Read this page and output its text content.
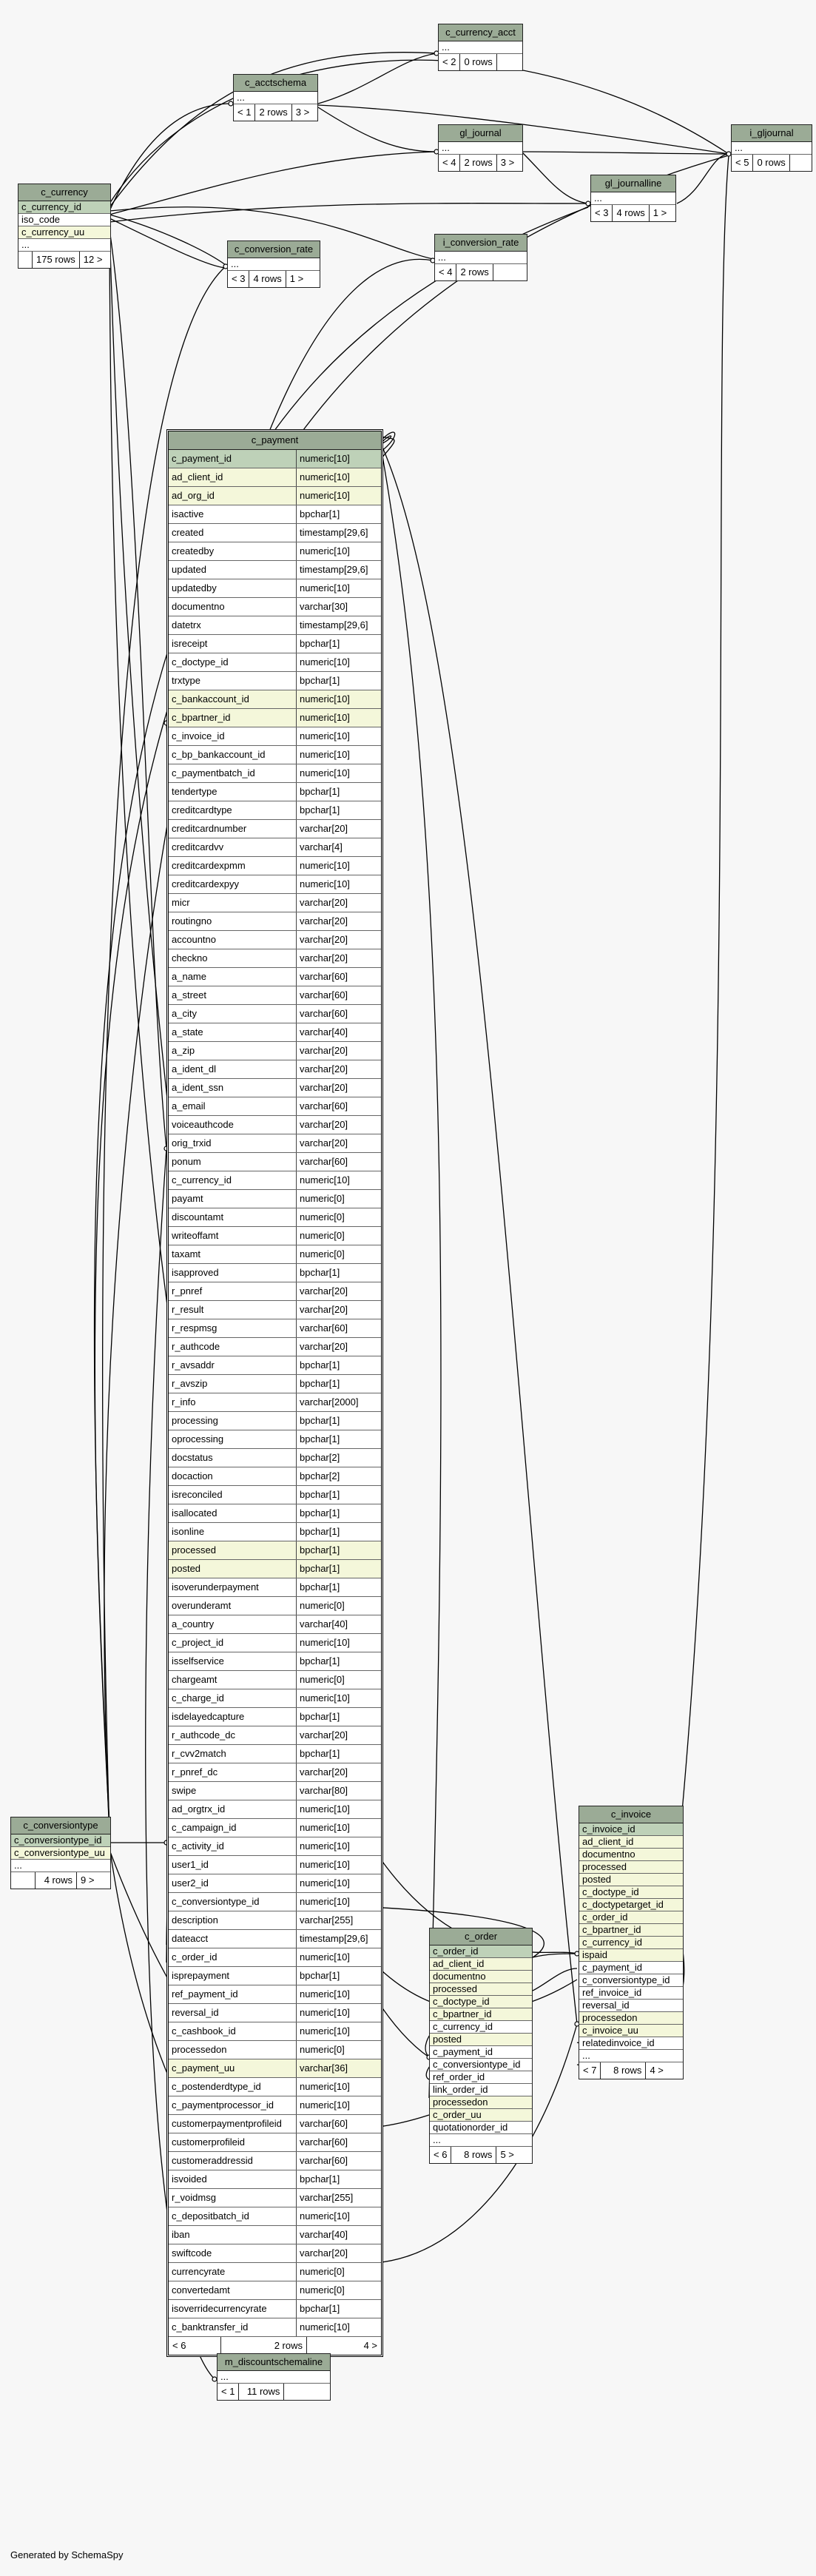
c_currency_acct
...
< 2 0 rows
c_acctschema
...
< 1 2 rows 3 >
gl_journal
...
< 4 2 rows 3 >
i_gljournal
...
< 5 0 rows
gl_journalline
...
< 3 4 rows 1 >
c_currency
c_currency_id
iso_code
c_currency_uu
...
175 rows 12 >
c_conversion_rate
...
< 3 4 rows 1 >
i_conversion_rate
...
< 4 2 rows
c_payment
c_payment_id	numeric[10]
ad_client_id	numeric[10]
ad_org_id	numeric[10]
isactive	bpchar[1]
created	timestamp[29,6]
createdby	numeric[10]
updated	timestamp[29,6]
updatedby	numeric[10]
documentno	varchar[30]
datetrx	timestamp[29,6]
isreceipt	bpchar[1]
c_doctype_id	numeric[10]
trxtype	bpchar[1]
c_bankaccount_id	numeric[10]
c_bpartner_id	numeric[10]
c_invoice_id	numeric[10]
c_bp_bankaccount_id	numeric[10]
c_paymentbatch_id	numeric[10]
tendertype	bpchar[1]
creditcardtype	bpchar[1]
creditcardnumber	varchar[20]
creditcardvv	varchar[4]
creditcardexpmm	numeric[10]
creditcardexpyy	numeric[10]
micr	varchar[20]
routingno	varchar[20]
accountno	varchar[20]
checkno	varchar[20]
a_name	varchar[60]
a_street	varchar[60]
a_city	varchar[60]
a_state	varchar[40]
a_zip	varchar[20]
a_ident_dl	varchar[20]
a_ident_ssn	varchar[20]
a_email	varchar[60]
voiceauthcode	varchar[20]
orig_trxid	varchar[20]
ponum	varchar[60]
c_currency_id	numeric[10]
payamt	numeric[0]
discountamt	numeric[0]
writeoffamt	numeric[0]
taxamt	numeric[0]
isapproved	bpchar[1]
r_pnref	varchar[20]
r_result	varchar[20]
r_respmsg	varchar[60]
r_authcode	varchar[20]
r_avsaddr	bpchar[1]
r_avszip	bpchar[1]
r_info	varchar[2000]
processing	bpchar[1]
oprocessing	bpchar[1]
docstatus	bpchar[2]
docaction	bpchar[2]
isreconciled	bpchar[1]
isallocated	bpchar[1]
isonline	bpchar[1]
processed	bpchar[1]
posted	bpchar[1]
isoverunderpayment	bpchar[1]
overunderamt	numeric[0]
a_country	varchar[40]
c_project_id	numeric[10]
isselfservice	bpchar[1]
chargeamt	numeric[0]
c_charge_id	numeric[10]
isdelayedcapture	bpchar[1]
r_authcode_dc	varchar[20]
r_cvv2match	bpchar[1]
r_pnref_dc	varchar[20]
swipe	varchar[80]
ad_orgtrx_id	numeric[10]
c_campaign_id	numeric[10]
c_activity_id	numeric[10]
user1_id	numeric[10]
user2_id	numeric[10]
c_conversiontype_id	numeric[10]
description	varchar[255]
dateacct	timestamp[29,6]
c_order_id	numeric[10]
isprepayment	bpchar[1]
ref_payment_id	numeric[10]
reversal_id	numeric[10]
c_cashbook_id	numeric[10]
processedon	numeric[0]
c_payment_uu	varchar[36]
c_postenderdtype_id	numeric[10]
c_paymentprocessor_id	numeric[10]
customerpaymentprofileid	varchar[60]
customerprofileid	varchar[60]
customeraddressid	varchar[60]
isvoided	bpchar[1]
r_voidmsg	varchar[255]
c_depositbatch_id	numeric[10]
iban	varchar[40]
swiftcode	varchar[20]
currencyrate	numeric[0]
convertedamt	numeric[0]
isoverridecurrencyrate	bpchar[1]
c_banktransfer_id	numeric[10]
< 6	2 rows	4 >
c_conversiontype
c_conversiontype_id
c_conversiontype_uu
...
4 rows 9 >
c_invoice
c_invoice_id
ad_client_id
documentno
processed
posted
c_doctype_id
c_doctypetarget_id
c_order_id
c_bpartner_id
c_currency_id
ispaid
c_payment_id
c_conversiontype_id
ref_invoice_id
reversal_id
processedon
c_invoice_uu
relatedinvoice_id
...
< 7	8 rows 4 >
c_order
c_order_id
ad_client_id
documentno
processed
c_doctype_id
c_bpartner_id
c_currency_id
posted
c_payment_id
c_conversiontype_id
ref_order_id
link_order_id
processedon
c_order_uu
quotationorder_id
...
< 6	8 rows 5 >
m_discountschemaline
...
< 1	11 rows
Generated by SchemaSpy
